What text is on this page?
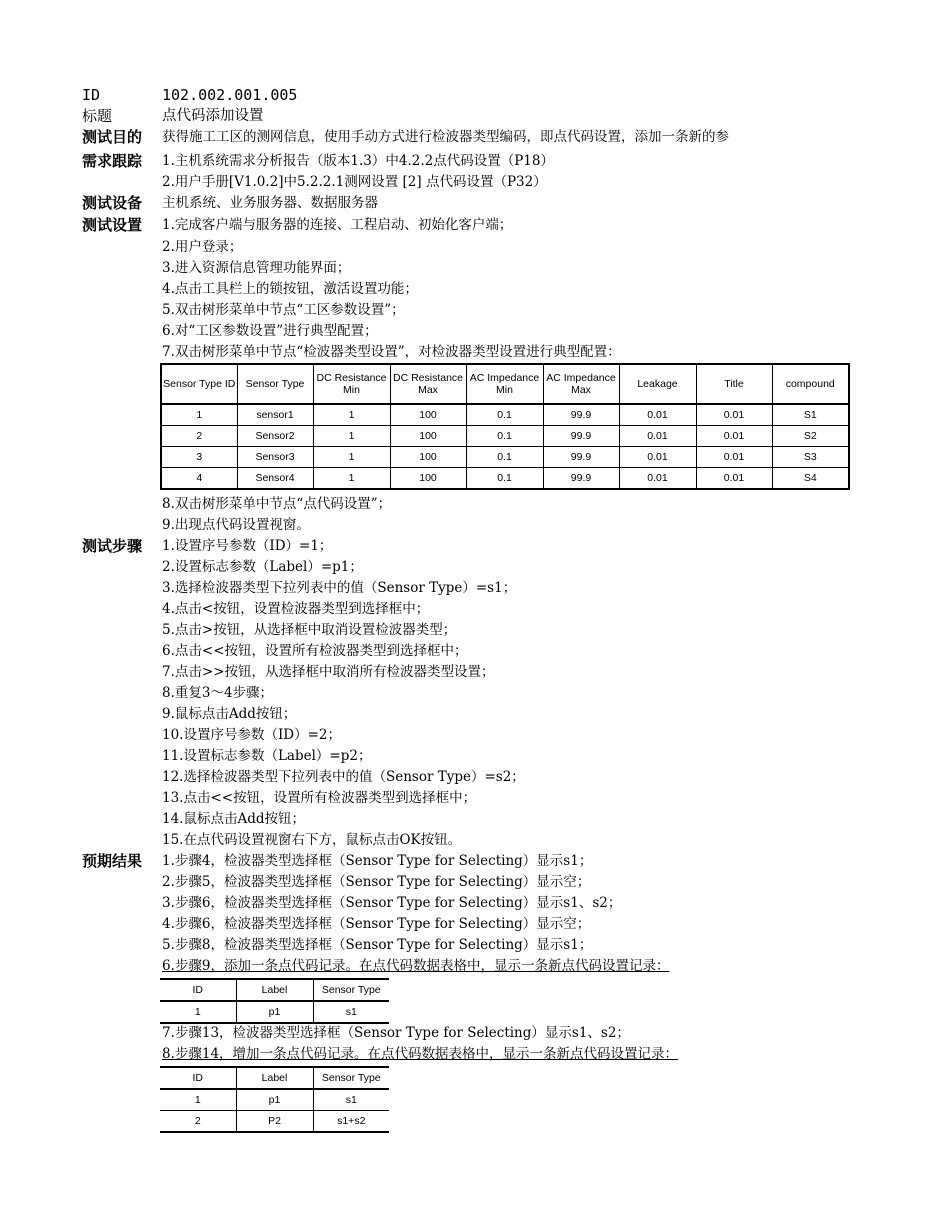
ID	102.002.001.005
标题	点代码添加设置
测试目的 获得施工工区的测网信息，使用手动方式进行检波器类型编码，即点代码设置，添加一条新的参
需求跟踪 1.主机系统需求分析报告（版本1.3）中4.2.2点代码设置（P18）
2.用户手册[V1.0.2]中5.2.2.1测网设置 [2] 点代码设置（P32）
测试设备 主机系统、业务服务器、数据服务器
测试设置 1.完成客户端与服务器的连接、工程启动、初始化客户端；
2.用户登录；
3.进入资源信息管理功能界面；
4.点击工具栏上的锁按钮，激活设置功能；
5.双击树形菜单中节点“工区参数设置”；
6.对“工区参数设置”进行典型配置；
7.双击树形菜单中节点“检波器类型设置”，对检波器类型设置进行典型配置：
Sensor Type ID	Sensor Type	DC Resistance Min	DC Resistance Max	AC Impedance Min	AC Impedance Max	Leakage	Title	compound
1	sensor1	1	100	0.1	99.9	0.01	0.01	S1
2	Sensor2	1	100	0.1	99.9	0.01	0.01	S2
3	Sensor3	1	100	0.1	99.9	0.01	0.01	S3
4	Sensor4	1	100	0.1	99.9	0.01	0.01	S4
8.双击树形菜单中节点“点代码设置”；
9.出现点代码设置视窗。
测试步骤 1.设置序号参数（ID）=1；
2.设置标志参数（Label）=p1；
3.选择检波器类型下拉列表中的值（Sensor Type）=s1；
4.点击<按钮，设置检波器类型到选择框中；
5.点击>按钮，从选择框中取消设置检波器类型；
6.点击<<按钮，设置所有检波器类型到选择框中；
7.点击>>按钮，从选择框中取消所有检波器类型设置；
8.重复3～4步骤；
9.鼠标点击Add按钮；
10.设置序号参数（ID）=2；
11.设置标志参数（Label）=p2；
12.选择检波器类型下拉列表中的值（Sensor Type）=s2；
13.点击<<按钮，设置所有检波器类型到选择框中；
14.鼠标点击Add按钮；
15.在点代码设置视窗右下方，鼠标点击OK按钮。
预期结果 1.步骤4，检波器类型选择框（Sensor Type for Selecting）显示s1；
2.步骤5，检波器类型选择框（Sensor Type for Selecting）显示空；
3.步骤6，检波器类型选择框（Sensor Type for Selecting）显示s1、s2；
4.步骤6，检波器类型选择框（Sensor Type for Selecting）显示空；
5.步骤8，检波器类型选择框（Sensor Type for Selecting）显示s1；
6.步骤9，添加一条点代码记录。在点代码数据表格中，显示一条新点代码设置记录：
ID	Label	Sensor Type
1	p1	s1
7.步骤13，检波器类型选择框（Sensor Type for Selecting）显示s1、s2；
8.步骤14，增加一条点代码记录。在点代码数据表格中，显示一条新点代码设置记录：
ID	Label	Sensor Type
1	p1	s1
2	P2	s1+s2
